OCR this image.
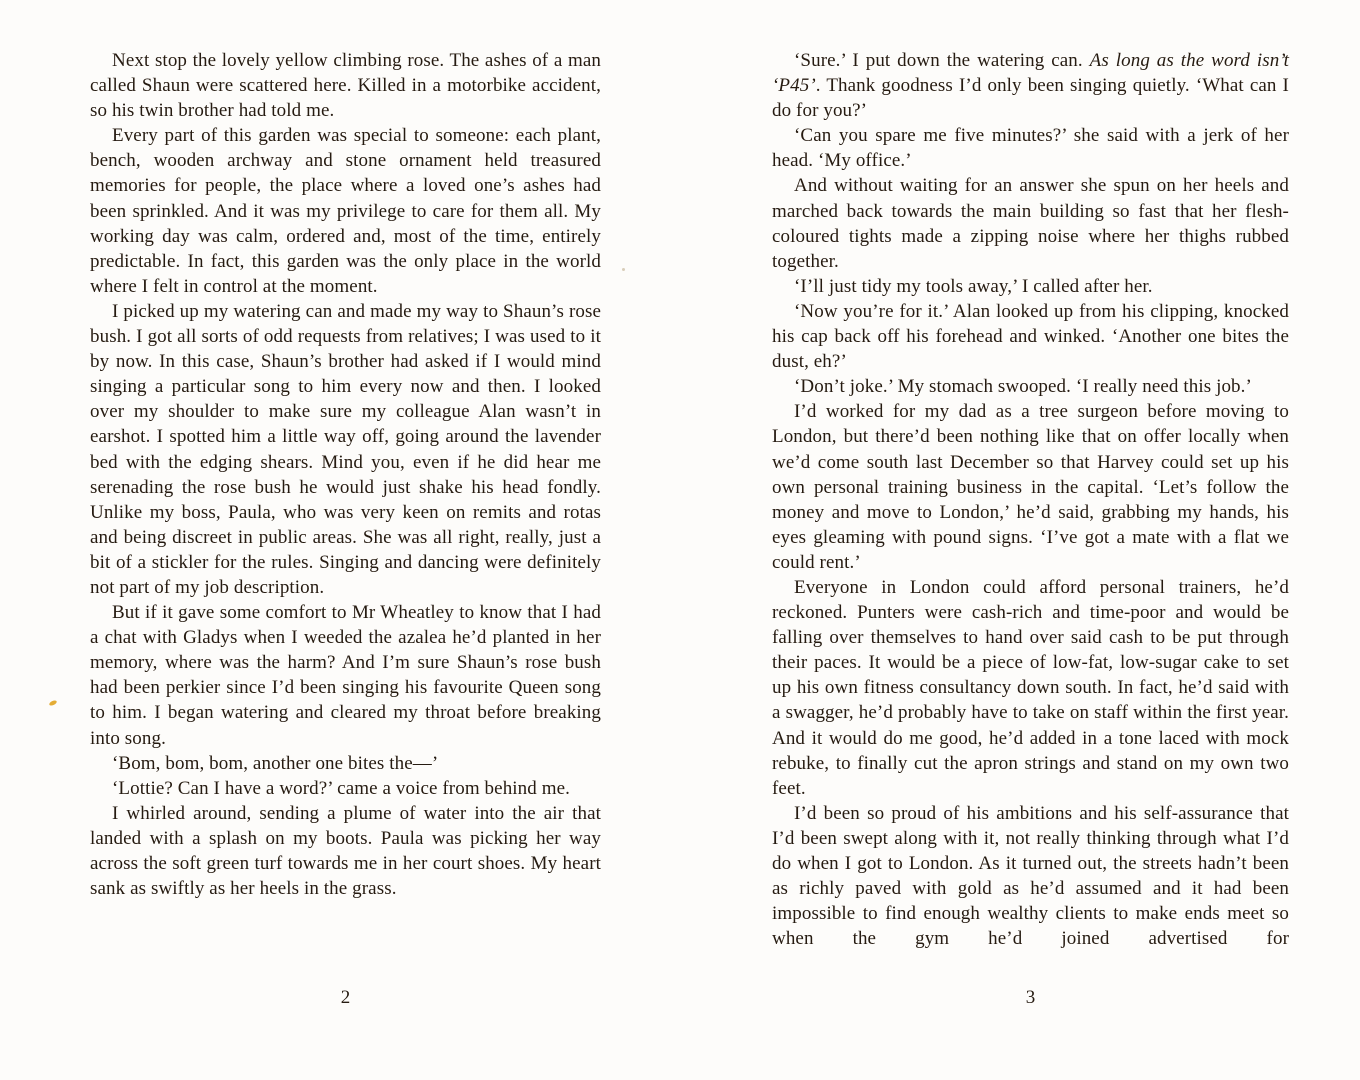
Next stop the lovely yellow climbing rose. The ashes of a man called Shaun were scattered here. Killed in a motorbike accident, so his twin brother had told me.

Every part of this garden was special to someone: each plant, bench, wooden archway and stone ornament held treasured memories for people, the place where a loved one’s ashes had been sprinkled. And it was my privilege to care for them all. My working day was calm, ordered and, most of the time, entirely predictable. In fact, this garden was the only place in the world where I felt in control at the moment.

I picked up my watering can and made my way to Shaun’s rose bush. I got all sorts of odd requests from relatives; I was used to it by now. In this case, Shaun’s brother had asked if I would mind singing a particular song to him every now and then. I looked over my shoulder to make sure my colleague Alan wasn’t in earshot. I spotted him a little way off, going around the lavender bed with the edging shears. Mind you, even if he did hear me serenading the rose bush he would just shake his head fondly. Unlike my boss, Paula, who was very keen on remits and rotas and being discreet in public areas. She was all right, really, just a bit of a stickler for the rules. Singing and dancing were definitely not part of my job description.

But if it gave some comfort to Mr Wheatley to know that I had a chat with Gladys when I weeded the azalea he’d planted in her memory, where was the harm? And I’m sure Shaun’s rose bush had been perkier since I’d been singing his favourite Queen song to him. I began watering and cleared my throat before breaking into song.

‘Bom, bom, bom, another one bites the—’

‘Lottie? Can I have a word?’ came a voice from behind me.

I whirled around, sending a plume of water into the air that landed with a splash on my boots. Paula was picking her way across the soft green turf towards me in her court shoes. My heart sank as swiftly as her heels in the grass.

2

‘Sure.’ I put down the watering can. As long as the word isn’t ‘P45’. Thank goodness I’d only been singing quietly. ‘What can I do for you?’

‘Can you spare me five minutes?’ she said with a jerk of her head. ‘My office.’

And without waiting for an answer she spun on her heels and marched back towards the main building so fast that her flesh-coloured tights made a zipping noise where her thighs rubbed together.

‘I’ll just tidy my tools away,’ I called after her.

‘Now you’re for it.’ Alan looked up from his clipping, knocked his cap back off his forehead and winked. ‘Another one bites the dust, eh?’

‘Don’t joke.’ My stomach swooped. ‘I really need this job.’

I’d worked for my dad as a tree surgeon before moving to London, but there’d been nothing like that on offer locally when we’d come south last December so that Harvey could set up his own personal training business in the capital. ‘Let’s follow the money and move to London,’ he’d said, grabbing my hands, his eyes gleaming with pound signs. ‘I’ve got a mate with a flat we could rent.’

Everyone in London could afford personal trainers, he’d reckoned. Punters were cash-rich and time-poor and would be falling over themselves to hand over said cash to be put through their paces. It would be a piece of low-fat, low-sugar cake to set up his own fitness consultancy down south. In fact, he’d said with a swagger, he’d probably have to take on staff within the first year. And it would do me good, he’d added in a tone laced with mock rebuke, to finally cut the apron strings and stand on my own two feet.

I’d been so proud of his ambitions and his self-assurance that I’d been swept along with it, not really thinking through what I’d do when I got to London. As it turned out, the streets hadn’t been as richly paved with gold as he’d assumed and it had been impossible to find enough wealthy clients to make ends meet so when the gym he’d joined advertised for

3
